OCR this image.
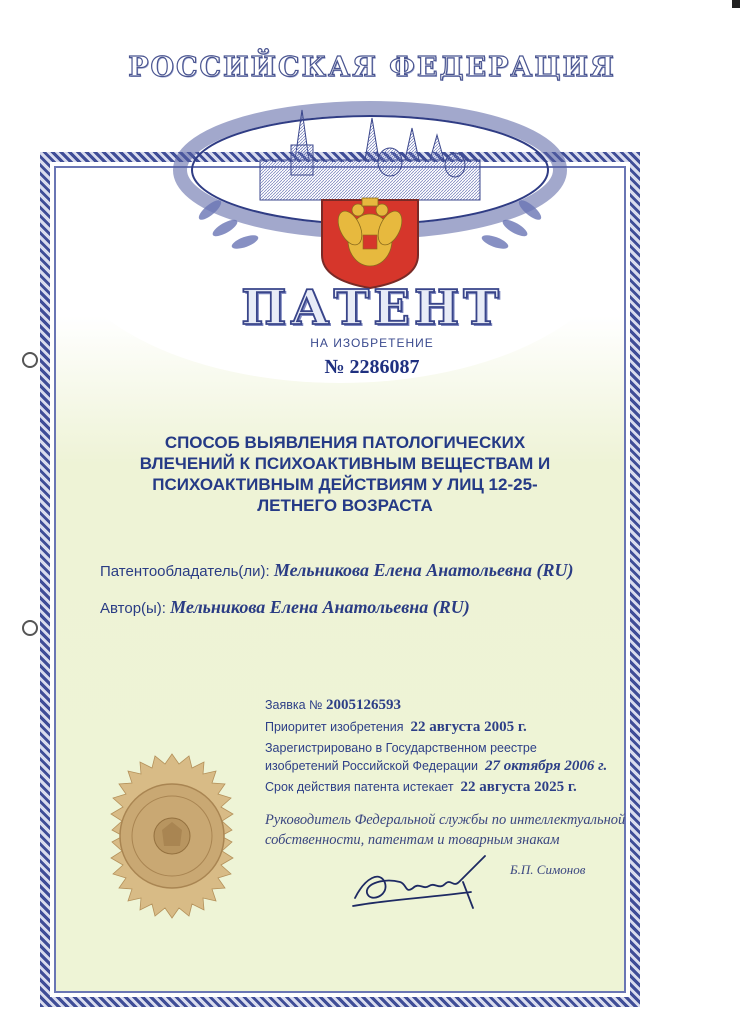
РОССИЙСКАЯ ФЕДЕРАЦИЯ
ПАТЕНТ
НА ИЗОБРЕТЕНИЕ
№ 2286087
СПОСОБ ВЫЯВЛЕНИЯ ПАТОЛОГИЧЕСКИХ
ВЛЕЧЕНИЙ К ПСИХОАКТИВНЫМ ВЕЩЕСТВАМ И
ПСИХОАКТИВНЫМ ДЕЙСТВИЯМ У ЛИЦ 12-25-
ЛЕТНЕГО ВОЗРАСТА
Патентообладатель(ли): Мельникова Елена Анатольевна (RU)
Автор(ы): Мельникова Елена Анатольевна (RU)
Заявка № 2005126593
Приоритет изобретения 22 августа 2005 г.
Зарегистрировано в Государственном реестре
изобретений Российской Федерации 27 октября 2006 г.
Срок действия патента истекает 22 августа 2025 г.
Руководитель Федеральной службы по интеллектуальной
собственности, патентам и товарным знакам
Б.П. Симонов
